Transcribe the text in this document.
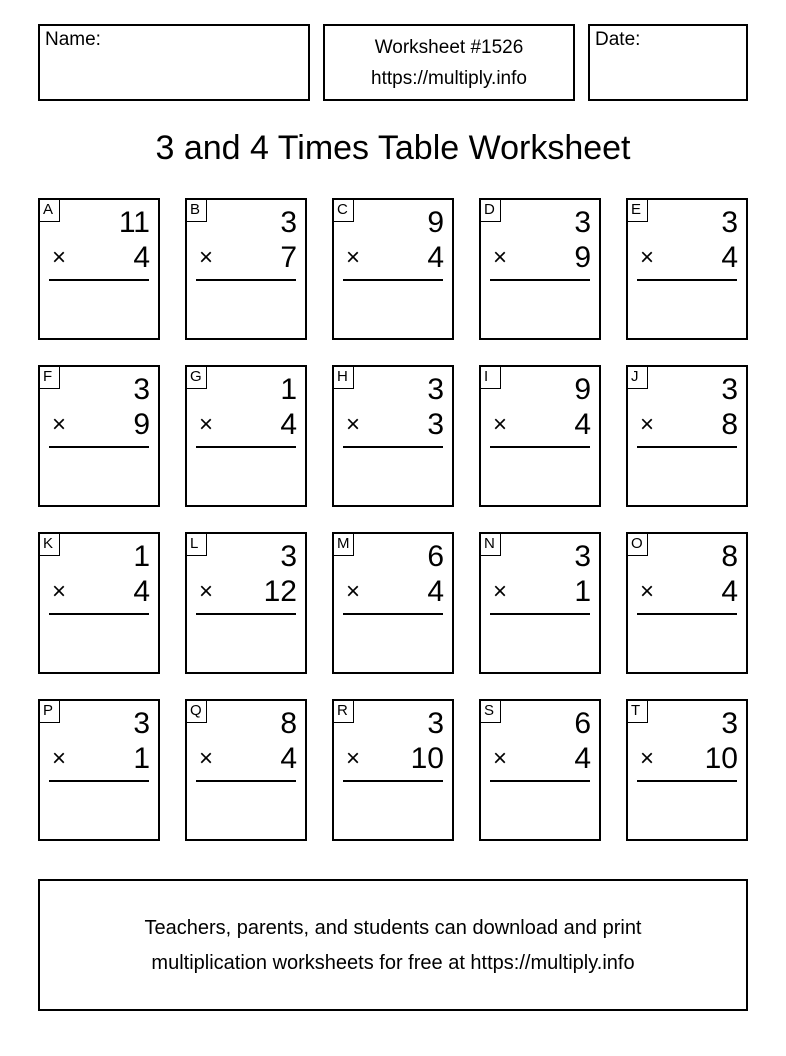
Name:	Worksheet #1526
https://multiply.info
Date:
3 and 4 Times Table Worksheet
A 11
× 4
B	3
× 7
C	9
× 4
D	3
× 9
E	3
× 4
F	3
× 9
G	1
× 4
H	3
× 3
I	9
× 4
J	3
× 8
K	1
× 4
L	3
× 12
M	6
× 4
N	3
× 1
O	8
× 4
P	3
× 1
Q	8
× 4
R	3
× 10
S	6
× 4
T	3
× 10
Teachers, parents, and students can download and print
multiplication worksheets for free at https://multiply.info
